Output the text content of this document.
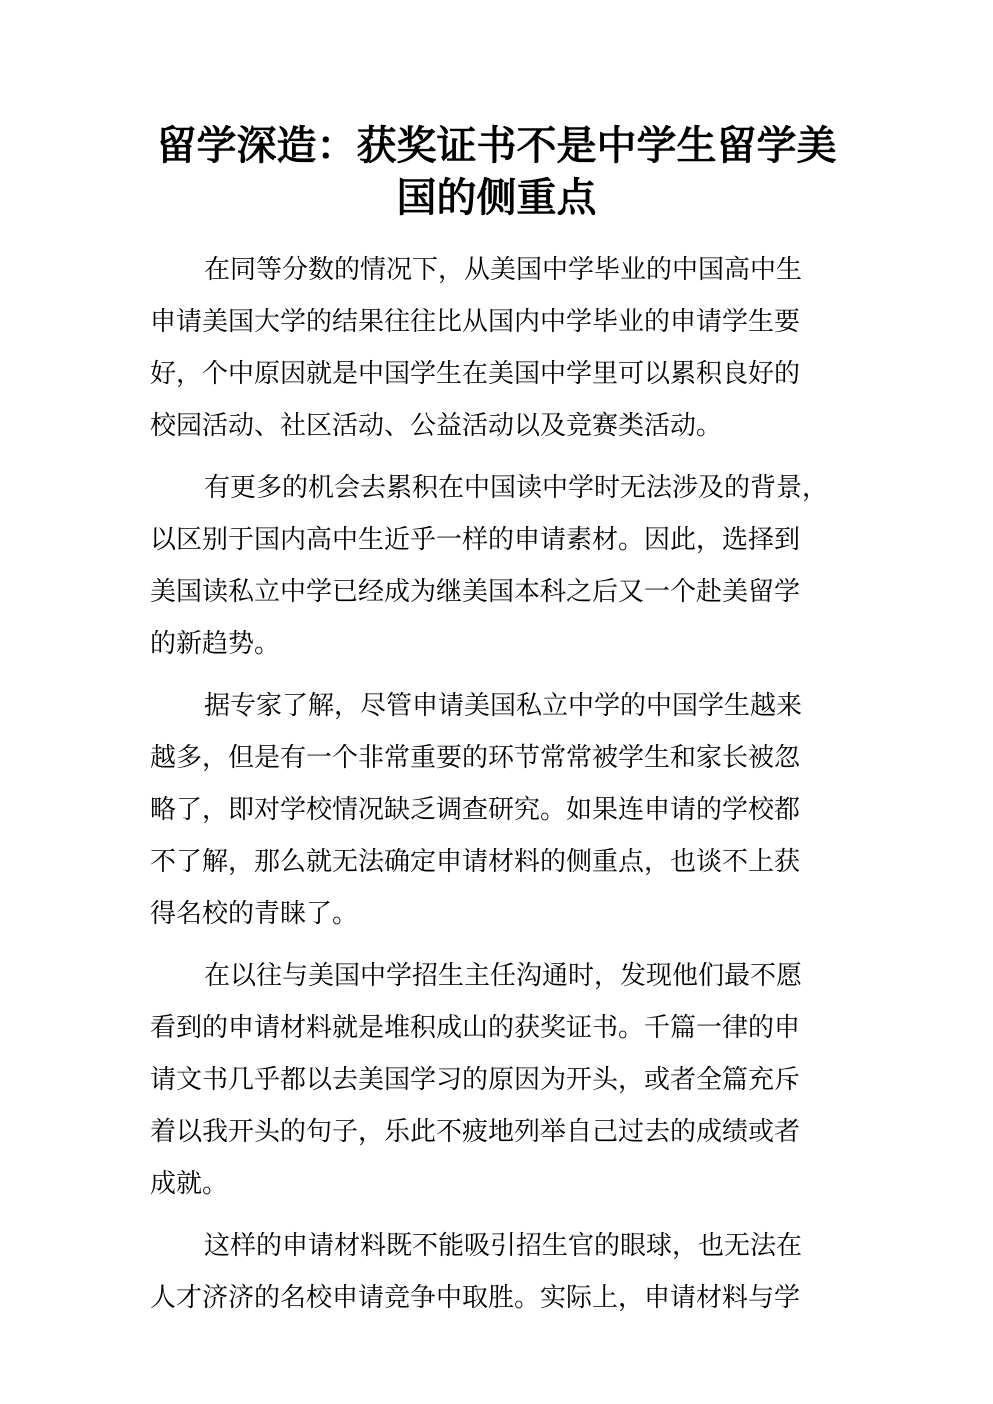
留学深造：获奖证书不是中学生留学美
国的侧重点
在同等分数的情况下，从美国中学毕业的中国高中生
申请美国大学的结果往往比从国内中学毕业的申请学生要
好，个中原因就是中国学生在美国中学里可以累积良好的
校园活动、社区活动、公益活动以及竞赛类活动。
有更多的机会去累积在中国读中学时无法涉及的背景，
以区别于国内高中生近乎一样的申请素材。因此，选择到
美国读私立中学已经成为继美国本科之后又一个赴美留学
的新趋势。
据专家了解，尽管申请美国私立中学的中国学生越来
越多，但是有一个非常重要的环节常常被学生和家长被忽
略了，即对学校情况缺乏调查研究。如果连申请的学校都
不了解，那么就无法确定申请材料的侧重点，也谈不上获
得名校的青睐了。
在以往与美国中学招生主任沟通时，发现他们最不愿
看到的申请材料就是堆积成山的获奖证书。千篇一律的申
请文书几乎都以去美国学习的原因为开头，或者全篇充斥
着以我开头的句子，乐此不疲地列举自己过去的成绩或者
成就。
这样的申请材料既不能吸引招生官的眼球，也无法在
人才济济的名校申请竞争中取胜。实际上，申请材料与学
